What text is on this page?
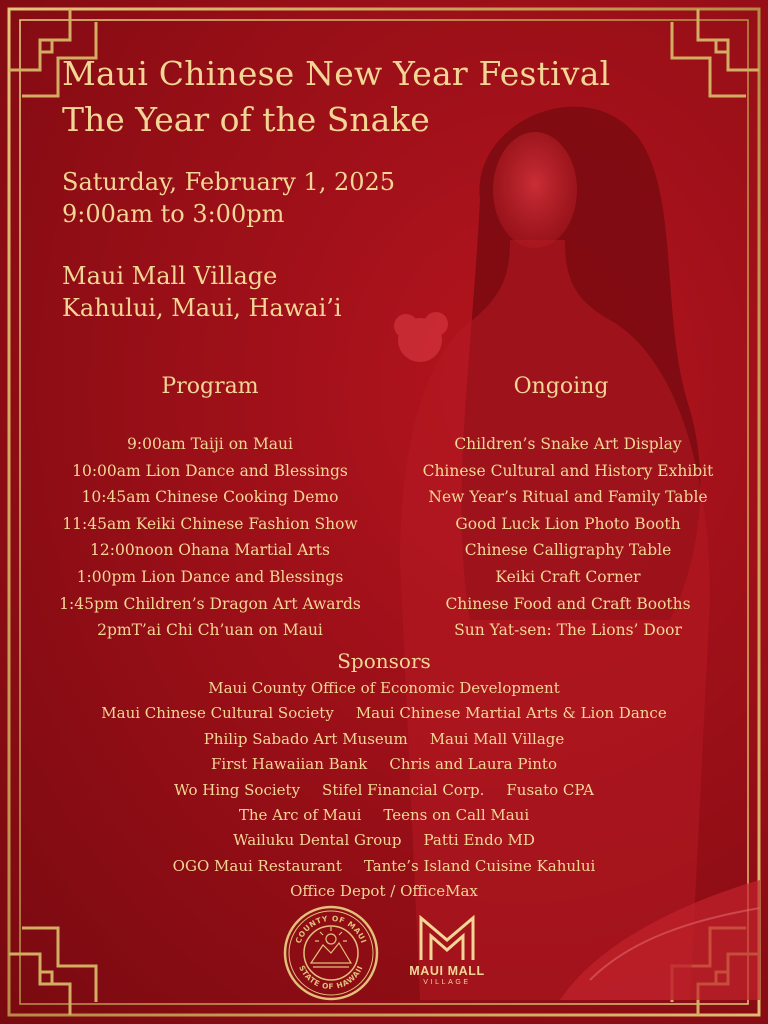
Maui Chinese New Year Festival
The Year of the Snake
Saturday, February 1, 2025
9:00am to 3:00pm
Maui Mall Village
Kahului, Maui, Hawai’i
Program
9:00am Taiji on Maui
10:00am Lion Dance and Blessings
10:45am Chinese Cooking Demo
11:45am Keiki Chinese Fashion Show
12:00noon Ohana Martial Arts
1:00pm Lion Dance and Blessings
1:45pm Children’s Dragon Art Awards
2pmT’ai Chi Ch’uan on Maui
Ongoing
Children’s Snake Art Display
Chinese Cultural and History Exhibit
New Year’s Ritual and Family Table
Good Luck Lion Photo Booth
Chinese Calligraphy Table
Keiki Craft Corner
Chinese Food and Craft Booths
Sun Yat-sen: The Lions’ Door
Sponsors
Maui County Office of Economic Development
Maui Chinese Cultural Society Maui Chinese Martial Arts & Lion Dance
Philip Sabado Art Museum Maui Mall Village
First Hawaiian Bank Chris and Laura Pinto
Wo Hing Society Stifel Financial Corp. Fusato CPA
The Arc of Maui Teens on Call Maui
Wailuku Dental Group Patti Endo MD
OGO Maui Restaurant Tante’s Island Cuisine Kahului
Office Depot / OfficeMax
COUNTY OF MAUI
STATE OF HAWAII	MAUI MALL
VILLAGE
